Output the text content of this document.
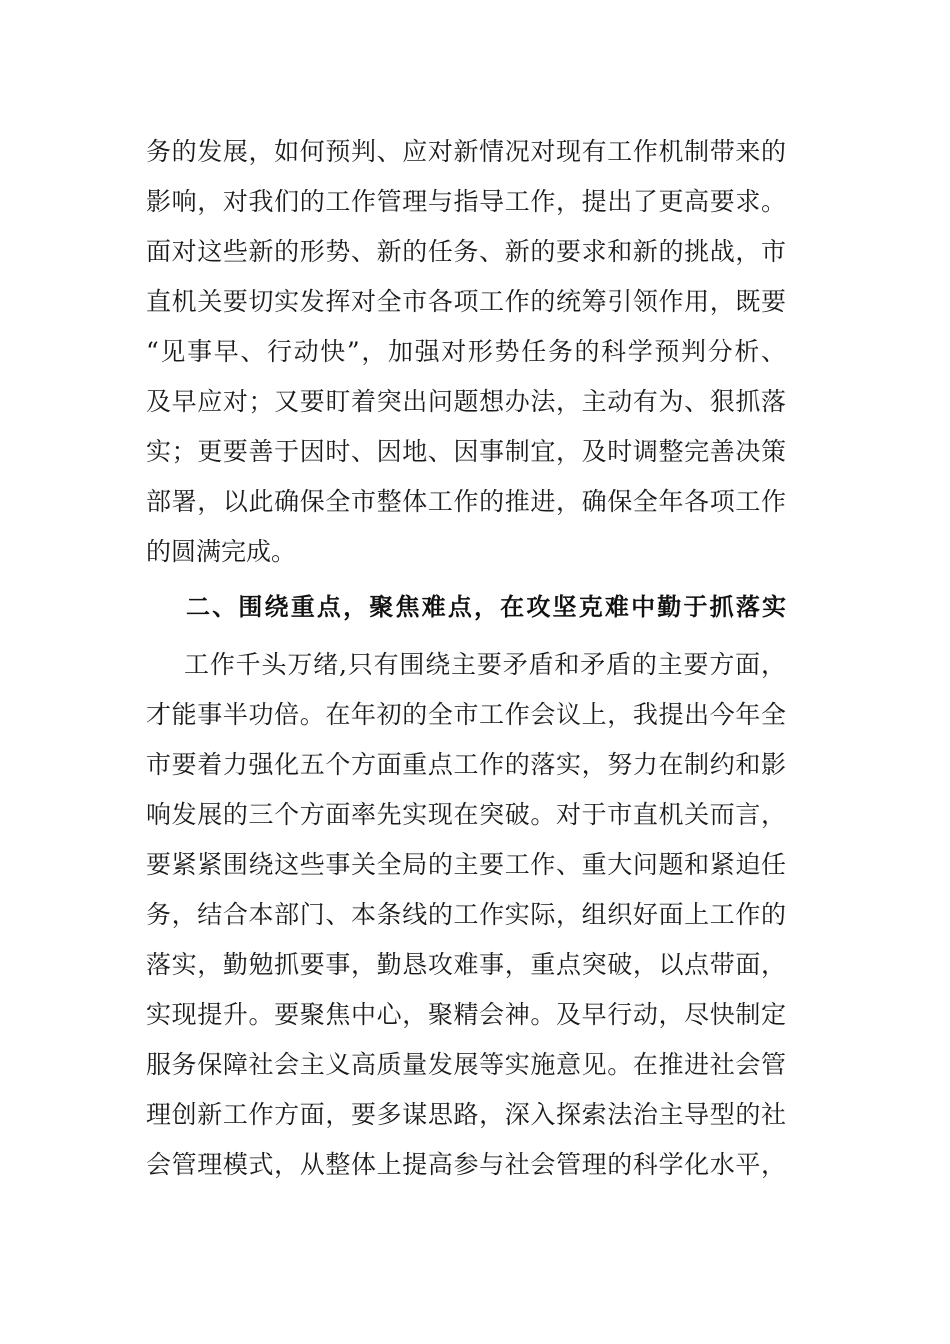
务的发展，如何预判、应对新情况对现有工作机制带来的
影响，对我们的工作管理与指导工作，提出了更高要求。
面对这些新的形势、新的任务、新的要求和新的挑战，市
直机关要切实发挥对全市各项工作的统筹引领作用，既要
“见事早、行动快”，加强对形势任务的科学预判分析、
及早应对；又要盯着突出问题想办法，主动有为、狠抓落
实；更要善于因时、因地、因事制宜，及时调整完善决策
部署，以此确保全市整体工作的推进，确保全年各项工作
的圆满完成。
二、围绕重点，聚焦难点，在攻坚克难中勤于抓落实
工作千头万绪,只有围绕主要矛盾和矛盾的主要方面，
才能事半功倍。在年初的全市工作会议上，我提出今年全
市要着力强化五个方面重点工作的落实，努力在制约和影
响发展的三个方面率先实现在突破。对于市直机关而言，
要紧紧围绕这些事关全局的主要工作、重大问题和紧迫任
务，结合本部门、本条线的工作实际，组织好面上工作的
落实，勤勉抓要事，勤恳攻难事，重点突破，以点带面，
实现提升。要聚焦中心，聚精会神。及早行动，尽快制定
服务保障社会主义高质量发展等实施意见。在推进社会管
理创新工作方面，要多谋思路，深入探索法治主导型的社
会管理模式，从整体上提高参与社会管理的科学化水平，
